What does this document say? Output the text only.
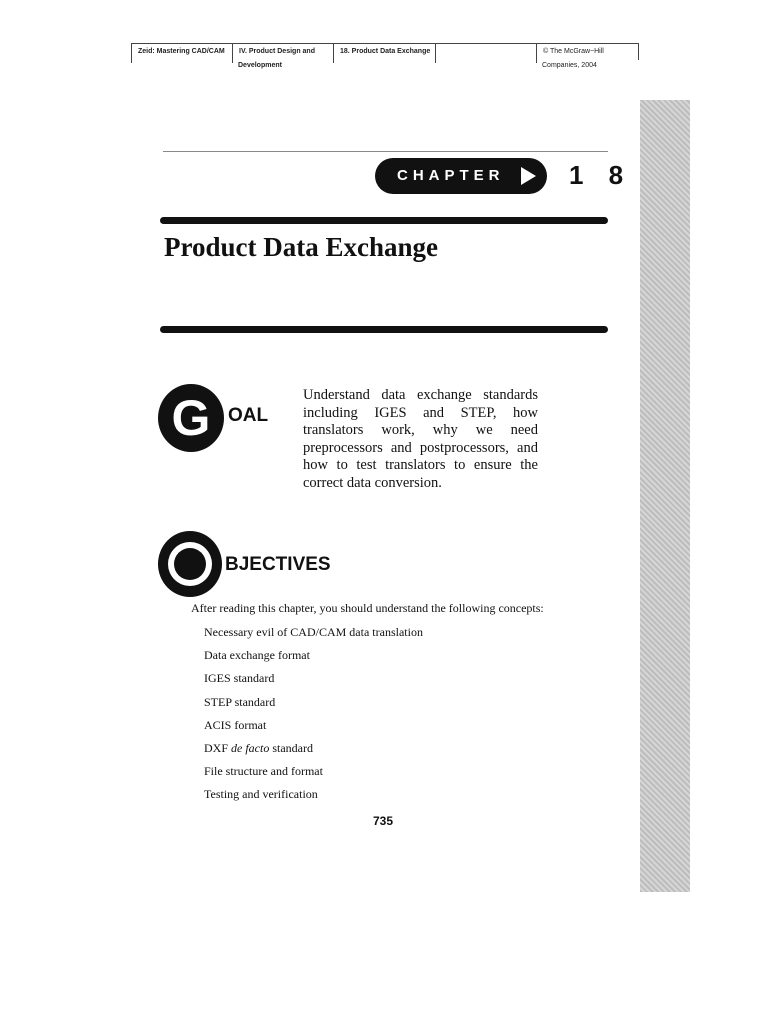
Zeid: Mastering CAD/CAM	IV. Product Design and	18. Product Data Exchange	© The McGraw−Hill
Development	Companies, 2004
CHAPTER 1 8
Product Data Exchange
G OAL
Understand data exchange standards including IGES and STEP, how translators work, why we need preprocessors and postprocessors, and how to test translators to ensure the correct data conversion.
BJECTIVES
After reading this chapter, you should understand the following concepts:
Necessary evil of CAD/CAM data translation
Data exchange format
IGES standard
STEP standard
ACIS format
DXF de facto standard
File structure and format
Testing and verification
735
